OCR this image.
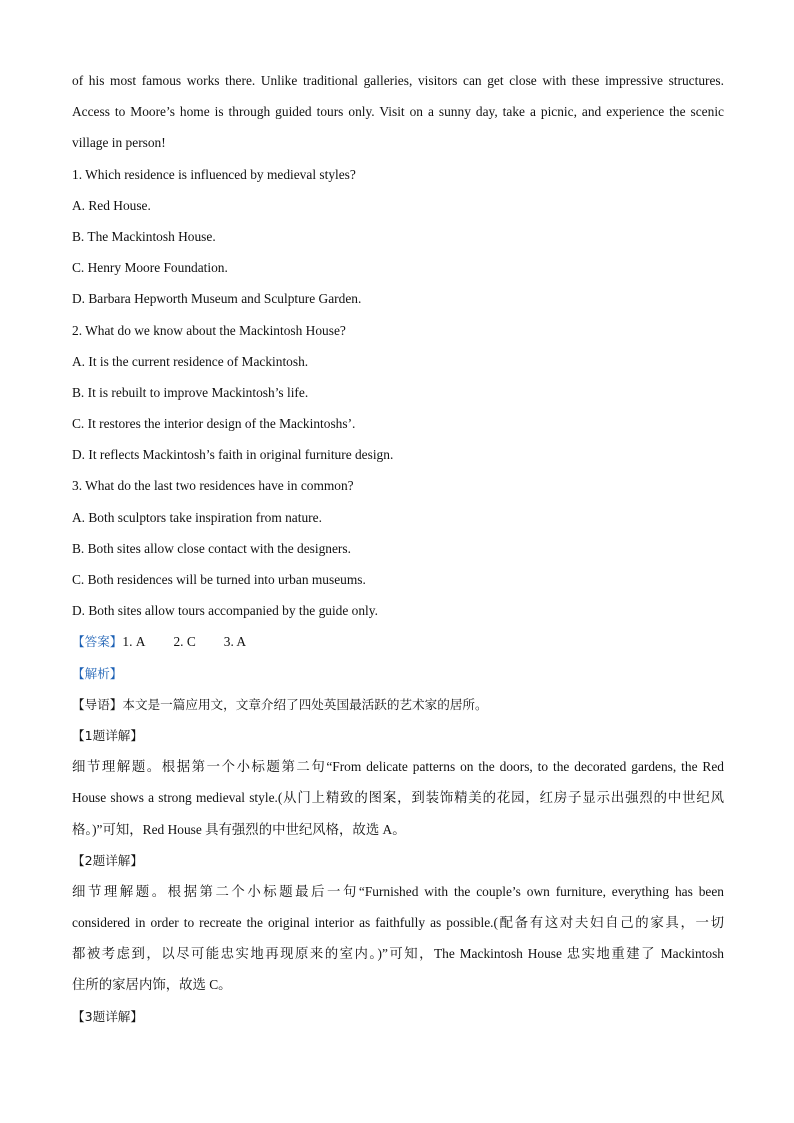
of his most famous works there. Unlike traditional galleries, visitors can get close with these impressive structures.

Access to Moore’s home is through guided tours only. Visit on a sunny day, take a picnic, and experience the scenic

village in person!

1. Which residence is influenced by medieval styles?

A. Red House.

B. The Mackintosh House.

C. Henry Moore Foundation.

D. Barbara Hepworth Museum and Sculpture Garden.

2. What do we know about the Mackintosh House?

A. It is the current residence of Mackintosh.

B. It is rebuilt to improve Mackintosh’s life.

C. It restores the interior design of the Mackintoshs’.

D. It reflects Mackintosh’s faith in original furniture design.

3. What do the last two residences have in common?

A. Both sculptors take inspiration from nature.

B. Both sites allow close contact with the designers.

C. Both residences will be turned into urban museums.

D. Both sites allow tours accompanied by the guide only.

【答案】1. A 2. C 3. A

【解析】

【导语】本文是一篇应用文，文章介绍了四处英国最活跃的艺术家的居所。

【1题详解】

细节理解题。根据第一个小标题第二句“From delicate patterns on the doors, to the decorated gardens, the Red

House shows a strong medieval style.(从门上精致的图案，到装饰精美的花园，红房子显示出强烈的中世纪风

格。)”可知，Red House 具有强烈的中世纪风格，故选 A。

【2题详解】

细节理解题。根据第二个小标题最后一句“Furnished with the couple’s own furniture, everything has been

considered in order to recreate the original interior as faithfully as possible.(配备有这对夫妇自己的家具，一切

都被考虑到，以尽可能忠实地再现原来的室内。)”可知，The Mackintosh House 忠实地重建了 Mackintosh

住所的家居内饰，故选 C。

【3题详解】
